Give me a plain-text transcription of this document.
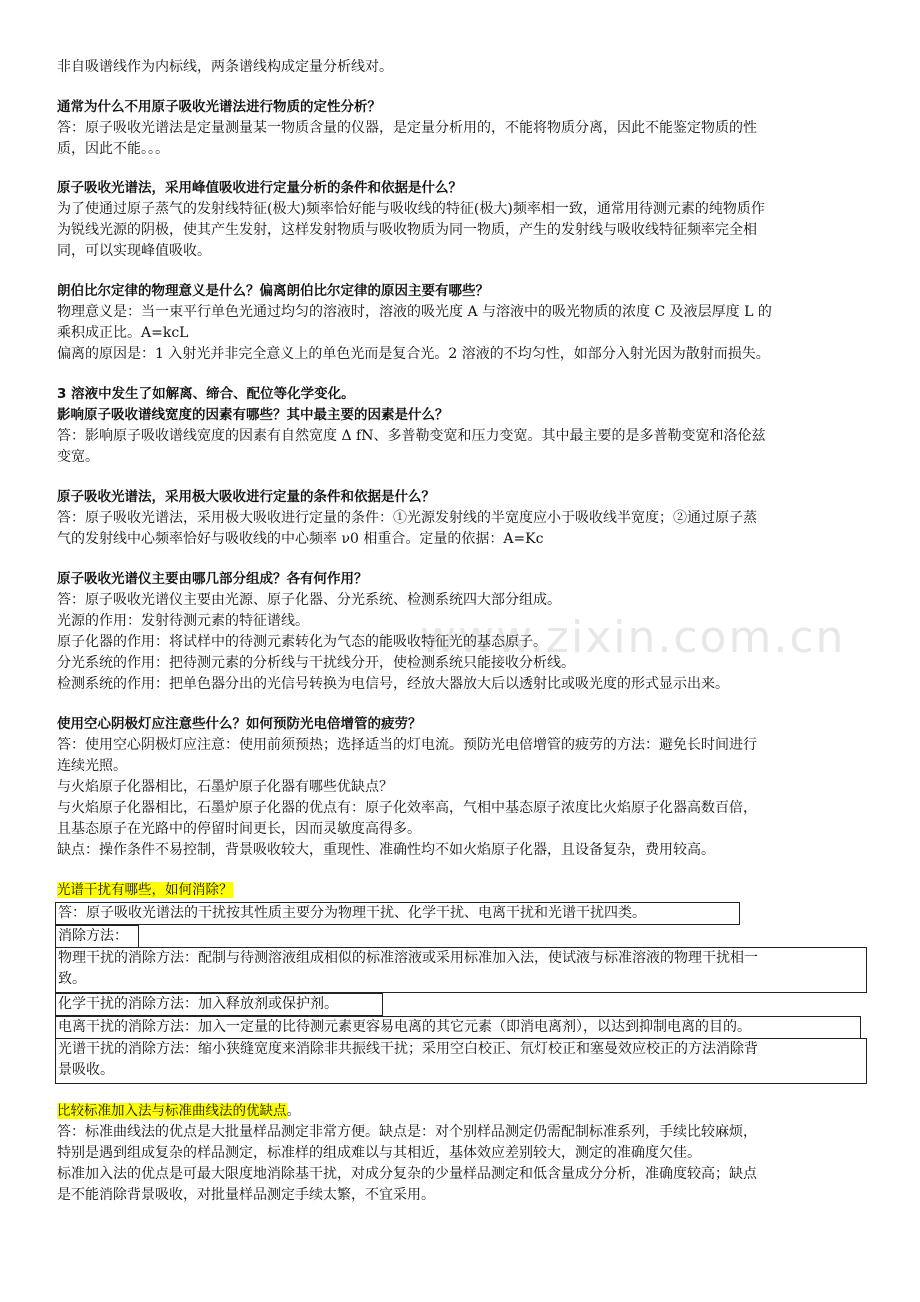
www.zixin.com.cn
非自吸谱线作为内标线，两条谱线构成定量分析线对。
通常为什么不用原子吸收光谱法进行物质的定性分析？
答：原子吸收光谱法是定量测量某一物质含量的仪器，是定量分析用的，不能将物质分离，因此不能鉴定物质的性
质，因此不能。。。
原子吸收光谱法，采用峰值吸收进行定量分析的条件和依据是什么？
为了使通过原子蒸气的发射线特征(极大)频率恰好能与吸收线的特征(极大)频率相一致，通常用待测元素的纯物质作
为锐线光源的阴极，使其产生发射，这样发射物质与吸收物质为同一物质，产生的发射线与吸收线特征频率完全相
同，可以实现峰值吸收。
朗伯比尔定律的物理意义是什么？偏离朗伯比尔定律的原因主要有哪些？
物理意义是：当一束平行单色光通过均匀的溶液时，溶液的吸光度 A 与溶液中的吸光物质的浓度 C 及液层厚度 L 的
乘积成正比。A=kcL
偏离的原因是：1 入射光并非完全意义上的单色光而是复合光。2 溶液的不均匀性，如部分入射光因为散射而损失。
3 溶液中发生了如解离、缔合、配位等化学变化。
影响原子吸收谱线宽度的因素有哪些？其中最主要的因素是什么？
答：影响原子吸收谱线宽度的因素有自然宽度 Δ fN、多普勒变宽和压力变宽。其中最主要的是多普勒变宽和洛伦兹
变宽。
原子吸收光谱法，采用极大吸收进行定量的条件和依据是什么？
答：原子吸收光谱法，采用极大吸收进行定量的条件：①光源发射线的半宽度应小于吸收线半宽度；②通过原子蒸
气的发射线中心频率恰好与吸收线的中心频率 ν0 相重合。定量的依据：A=Kc
原子吸收光谱仪主要由哪几部分组成？各有何作用？
答：原子吸收光谱仪主要由光源、原子化器、分光系统、检测系统四大部分组成。
光源的作用：发射待测元素的特征谱线。
原子化器的作用：将试样中的待测元素转化为气态的能吸收特征光的基态原子。
分光系统的作用：把待测元素的分析线与干扰线分开，使检测系统只能接收分析线。
检测系统的作用：把单色器分出的光信号转换为电信号，经放大器放大后以透射比或吸光度的形式显示出来。
使用空心阴极灯应注意些什么？如何预防光电倍增管的疲劳？
答：使用空心阴极灯应注意：使用前须预热；选择适当的灯电流。预防光电倍增管的疲劳的方法：避免长时间进行
连续光照。
与火焰原子化器相比，石墨炉原子化器有哪些优缺点？
与火焰原子化器相比，石墨炉原子化器的优点有：原子化效率高，气相中基态原子浓度比火焰原子化器高数百倍，
且基态原子在光路中的停留时间更长，因而灵敏度高得多。
缺点：操作条件不易控制，背景吸收较大，重现性、准确性均不如火焰原子化器，且设备复杂，费用较高。
光谱干扰有哪些，如何消除？
答：原子吸收光谱法的干扰按其性质主要分为物理干扰、化学干扰、电离干扰和光谱干扰四类。
消除方法：
物理干扰的消除方法：配制与待测溶液组成相似的标准溶液或采用标准加入法，使试液与标准溶液的物理干扰相一
致。
化学干扰的消除方法：加入释放剂或保护剂。
电离干扰的消除方法：加入一定量的比待测元素更容易电离的其它元素（即消电离剂），以达到抑制电离的目的。
光谱干扰的消除方法：缩小狭缝宽度来消除非共振线干扰；采用空白校正、氘灯校正和塞曼效应校正的方法消除背
景吸收。
比较标准加入法与标准曲线法的优缺点。
答：标准曲线法的优点是大批量样品测定非常方便。缺点是：对个别样品测定仍需配制标准系列，手续比较麻烦，
特别是遇到组成复杂的样品测定，标准样的组成难以与其相近，基体效应差别较大，测定的准确度欠佳。
标准加入法的优点是可最大限度地消除基干扰，对成分复杂的少量样品测定和低含量成分分析，准确度较高；缺点
是不能消除背景吸收，对批量样品测定手续太繁，不宜采用。
